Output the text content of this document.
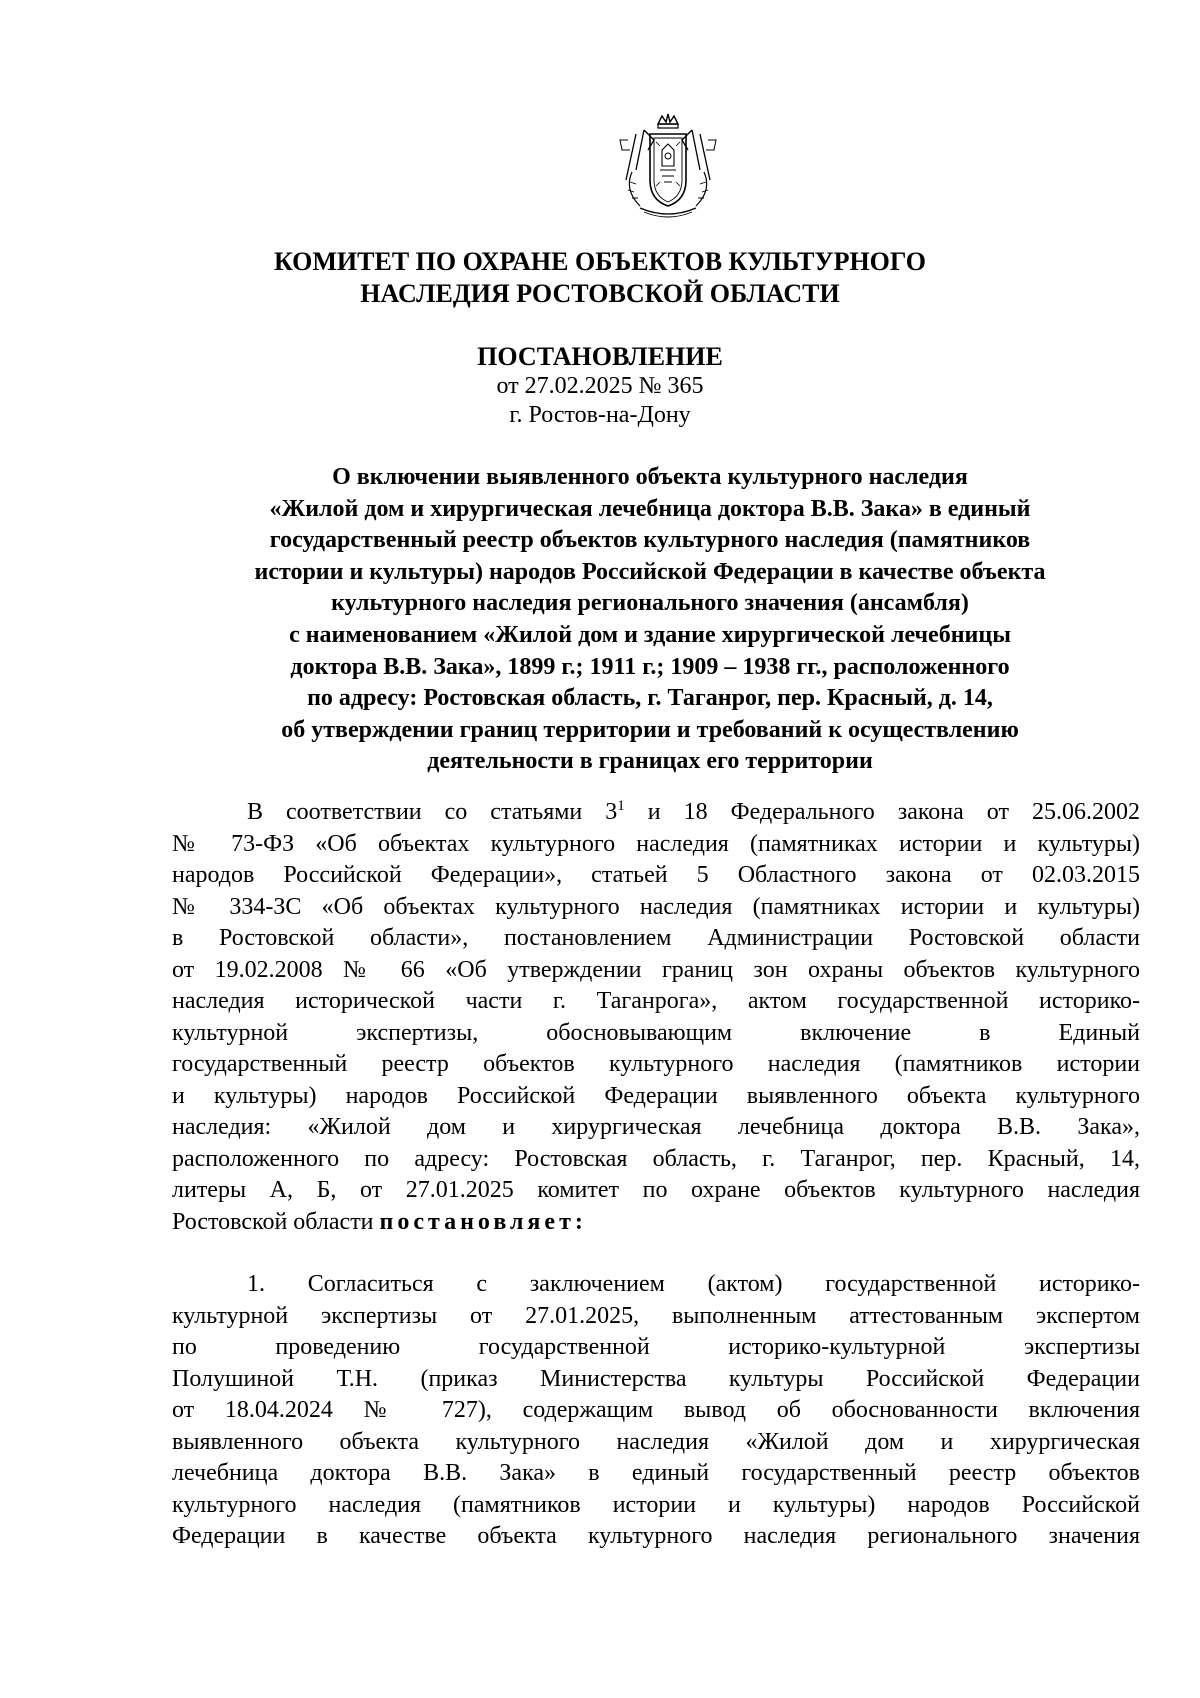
КОМИТЕТ ПО ОХРАНЕ ОБЪЕКТОВ КУЛЬТУРНОГО
НАСЛЕДИЯ РОСТОВСКОЙ ОБЛАСТИ
ПОСТАНОВЛЕНИЕ
от 27.02.2025 № 365
г. Ростов-на-Дону
О включении выявленного объекта культурного наследия
«Жилой дом и хирургическая лечебница доктора В.В. Зака» в единый
государственный реестр объектов культурного наследия (памятников
истории и культуры) народов Российской Федерации в качестве объекта
культурного наследия регионального значения (ансамбля)
с наименованием «Жилой дом и здание хирургической лечебницы
доктора В.В. Зака», 1899 г.; 1911 г.; 1909 – 1938 гг., расположенного
по адресу: Ростовская область, г. Таганрог, пер. Красный, д. 14,
об утверждении границ территории и требований к осуществлению
деятельности в границах его территории
В соответствии со статьями $3^1$ и 18 Федерального закона от 25.06.2002
№ 73-ФЗ «Об объектах культурного наследия (памятниках истории и культуры)
народов Российской Федерации», статьей 5 Областного закона от 02.03.2015
№ 334-ЗС «Об объектах культурного наследия (памятниках истории и культуры)
в Ростовской области», постановлением Администрации Ростовской области
от 19.02.2008 № 66 «Об утверждении границ зон охраны объектов культурного
наследия исторической части г. Таганрога», актом государственной историко-
культурной экспертизы, обосновывающим включение в Единый
государственный реестр объектов культурного наследия (памятников истории
и культуры) народов Российской Федерации выявленного объекта культурного
наследия: «Жилой дом и хирургическая лечебница доктора В.В. Зака»,
расположенного по адресу: Ростовская область, г. Таганрог, пер. Красный, 14,
литеры А, Б, от 27.01.2025 комитет по охране объектов культурного наследия
Ростовской области постановляет:
1. Согласиться с заключением (актом) государственной историко-
культурной экспертизы от 27.01.2025, выполненным аттестованным экспертом
по проведению государственной историко-культурной экспертизы
Полушиной Т.Н. (приказ Министерства культуры Российской Федерации
от 18.04.2024 № 727), содержащим вывод об обоснованности включения
выявленного объекта культурного наследия «Жилой дом и хирургическая
лечебница доктора В.В. Зака» в единый государственный реестр объектов
культурного наследия (памятников истории и культуры) народов Российской
Федерации в качестве объекта культурного наследия регионального значения
